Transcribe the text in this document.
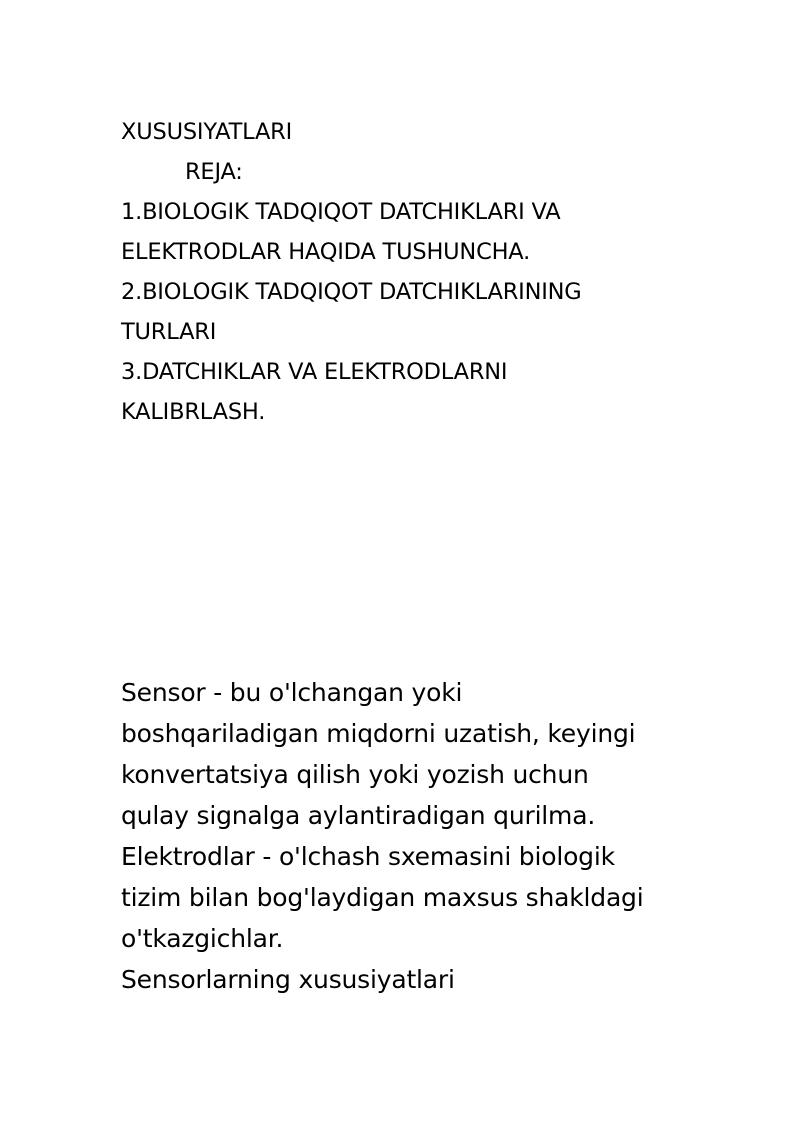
XUSUSIYATLARI
REJA:
1.BIOLOGIK TADQIQOT DATCHIKLARI VA
ELEKTRODLAR HAQIDA TUSHUNCHA.
2.BIOLOGIK TADQIQOT DATCHIKLARINING
TURLARI
3.DATCHIKLAR VA ELEKTRODLARNI
KALIBRLASH.
Sensor - bu o'lchangan yoki
boshqariladigan miqdorni uzatish, keyingi
konvertatsiya qilish yoki yozish uchun
qulay signalga aylantiradigan qurilma.
Elektrodlar - o'lchash sxemasini biologik
tizim bilan bog'laydigan maxsus shakldagi
o'tkazgichlar.
Sensorlarning xususiyatlari
